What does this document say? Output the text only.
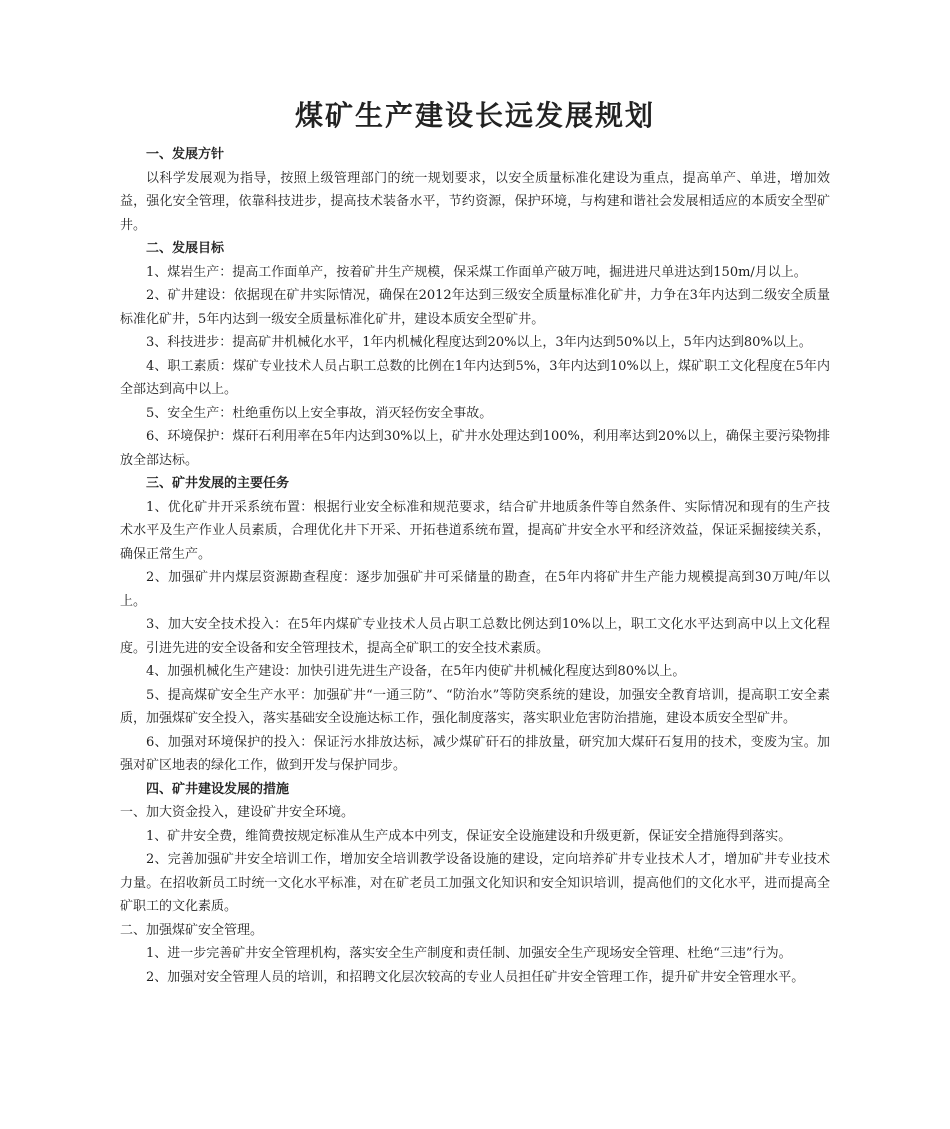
煤矿生产建设长远发展规划
一、发展方针
以科学发展观为指导，按照上级管理部门的统一规划要求，以安全质量标准化建设为重点，提高单产、单进，增加效益，强化安全管理，依靠科技进步，提高技术装备水平，节约资源，保护环境，与构建和谐社会发展相适应的本质安全型矿井。
二、发展目标
1、煤岩生产：提高工作面单产，按着矿井生产规模，保采煤工作面单产破万吨，掘进进尺单进达到150m/月以上。
2、矿井建设：依据现在矿井实际情况，确保在2012年达到三级安全质量标准化矿井，力争在3年内达到二级安全质量标准化矿井，5年内达到一级安全质量标准化矿井，建设本质安全型矿井。
3、科技进步：提高矿井机械化水平，1年内机械化程度达到20%以上，3年内达到50%以上，5年内达到80%以上。
4、职工素质：煤矿专业技术人员占职工总数的比例在1年内达到5%，3年内达到10%以上，煤矿职工文化程度在5年内全部达到高中以上。
5、安全生产：杜绝重伤以上安全事故，消灭轻伤安全事故。
6、环境保护：煤矸石利用率在5年内达到30%以上，矿井水处理达到100%，利用率达到20%以上，确保主要污染物排放全部达标。
三、矿井发展的主要任务
1、优化矿井开采系统布置：根据行业安全标准和规范要求，结合矿井地质条件等自然条件、实际情况和现有的生产技术水平及生产作业人员素质，合理优化井下开采、开拓巷道系统布置，提高矿井安全水平和经济效益，保证采掘接续关系，确保正常生产。
2、加强矿井内煤层资源勘查程度：逐步加强矿井可采储量的勘查，在5年内将矿井生产能力规模提高到30万吨/年以上。
3、加大安全技术投入：在5年内煤矿专业技术人员占职工总数比例达到10%以上，职工文化水平达到高中以上文化程度。引进先进的安全设备和安全管理技术，提高全矿职工的安全技术素质。
4、加强机械化生产建设：加快引进先进生产设备，在5年内使矿井机械化程度达到80%以上。
5、提高煤矿安全生产水平：加强矿井“一通三防”、“防治水”等防突系统的建设，加强安全教育培训，提高职工安全素质，加强煤矿安全投入，落实基础安全设施达标工作，强化制度落实，落实职业危害防治措施，建设本质安全型矿井。
6、加强对环境保护的投入：保证污水排放达标，减少煤矿矸石的排放量，研究加大煤矸石复用的技术，变废为宝。加强对矿区地表的绿化工作，做到开发与保护同步。
四、矿井建设发展的措施
一、加大资金投入，建设矿井安全环境。
1、矿井安全费，维简费按规定标准从生产成本中列支，保证安全设施建设和升级更新，保证安全措施得到落实。
2、完善加强矿井安全培训工作，增加安全培训教学设备设施的建设，定向培养矿井专业技术人才，增加矿井专业技术力量。在招收新员工时统一文化水平标准，对在矿老员工加强文化知识和安全知识培训，提高他们的文化水平，进而提高全矿职工的文化素质。
二、加强煤矿安全管理。
1、进一步完善矿井安全管理机构，落实安全生产制度和责任制、加强安全生产现场安全管理、杜绝“三违”行为。
2、加强对安全管理人员的培训，和招聘文化层次较高的专业人员担任矿井安全管理工作，提升矿井安全管理水平。
